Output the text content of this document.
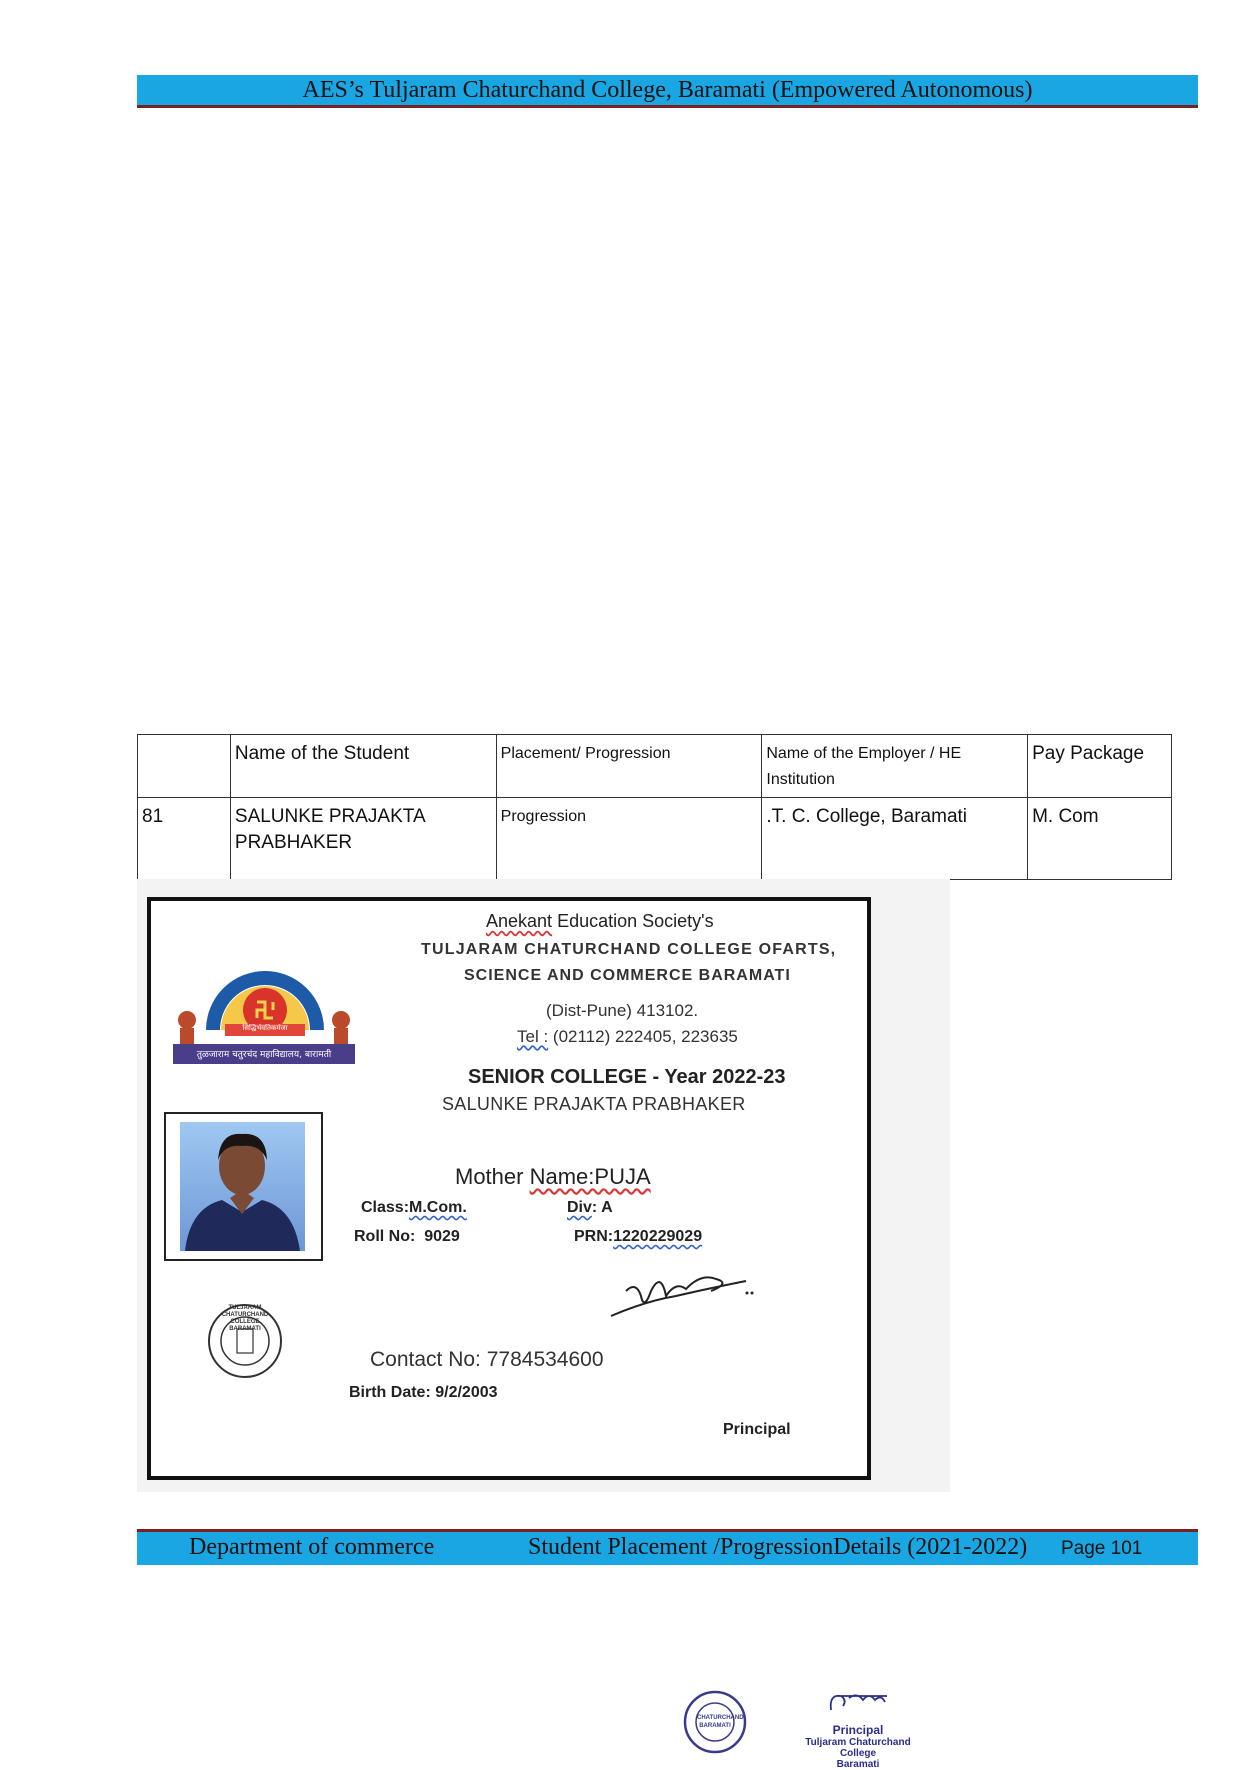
AES’s Tuljaram Chaturchand College, Baramati (Empowered Autonomous)
	Name of the Student	Placement/ Progression	Name of the Employer / HE Institution	Pay Package
81	SALUNKE PRAJAKTA PRABHAKER	Progression	.T. C. College, Baramati	M. Com
तुळजाराम चतुरचंद महाविद्यालय, बारामती
सिद्धिर्भवतिकर्मजा
Anekant Education Society's
TULJARAM CHATURCHAND COLLEGE OFARTS,
SCIENCE AND COMMERCE BARAMATI
(Dist-Pune) 413102.
Tel : (02112) 222405, 223635
SENIOR COLLEGE - Year 2022-23
SALUNKE PRAJAKTA PRABHAKER
Mother Name:PUJA
Class:M.Com.	Div: A
Roll No: 9029	PRN:1220229029
TULJARAM CHATURCHAND COLLEGE BARAMATI
Contact No: 7784534600
Birth Date: 9/2/2003
Principal
Department of commerce	Student Placement /ProgressionDetails (2021-2022) Page 101
CHATURCHAND BARAMATI	Principal
Tuljaram Chaturchand College
Baramati
